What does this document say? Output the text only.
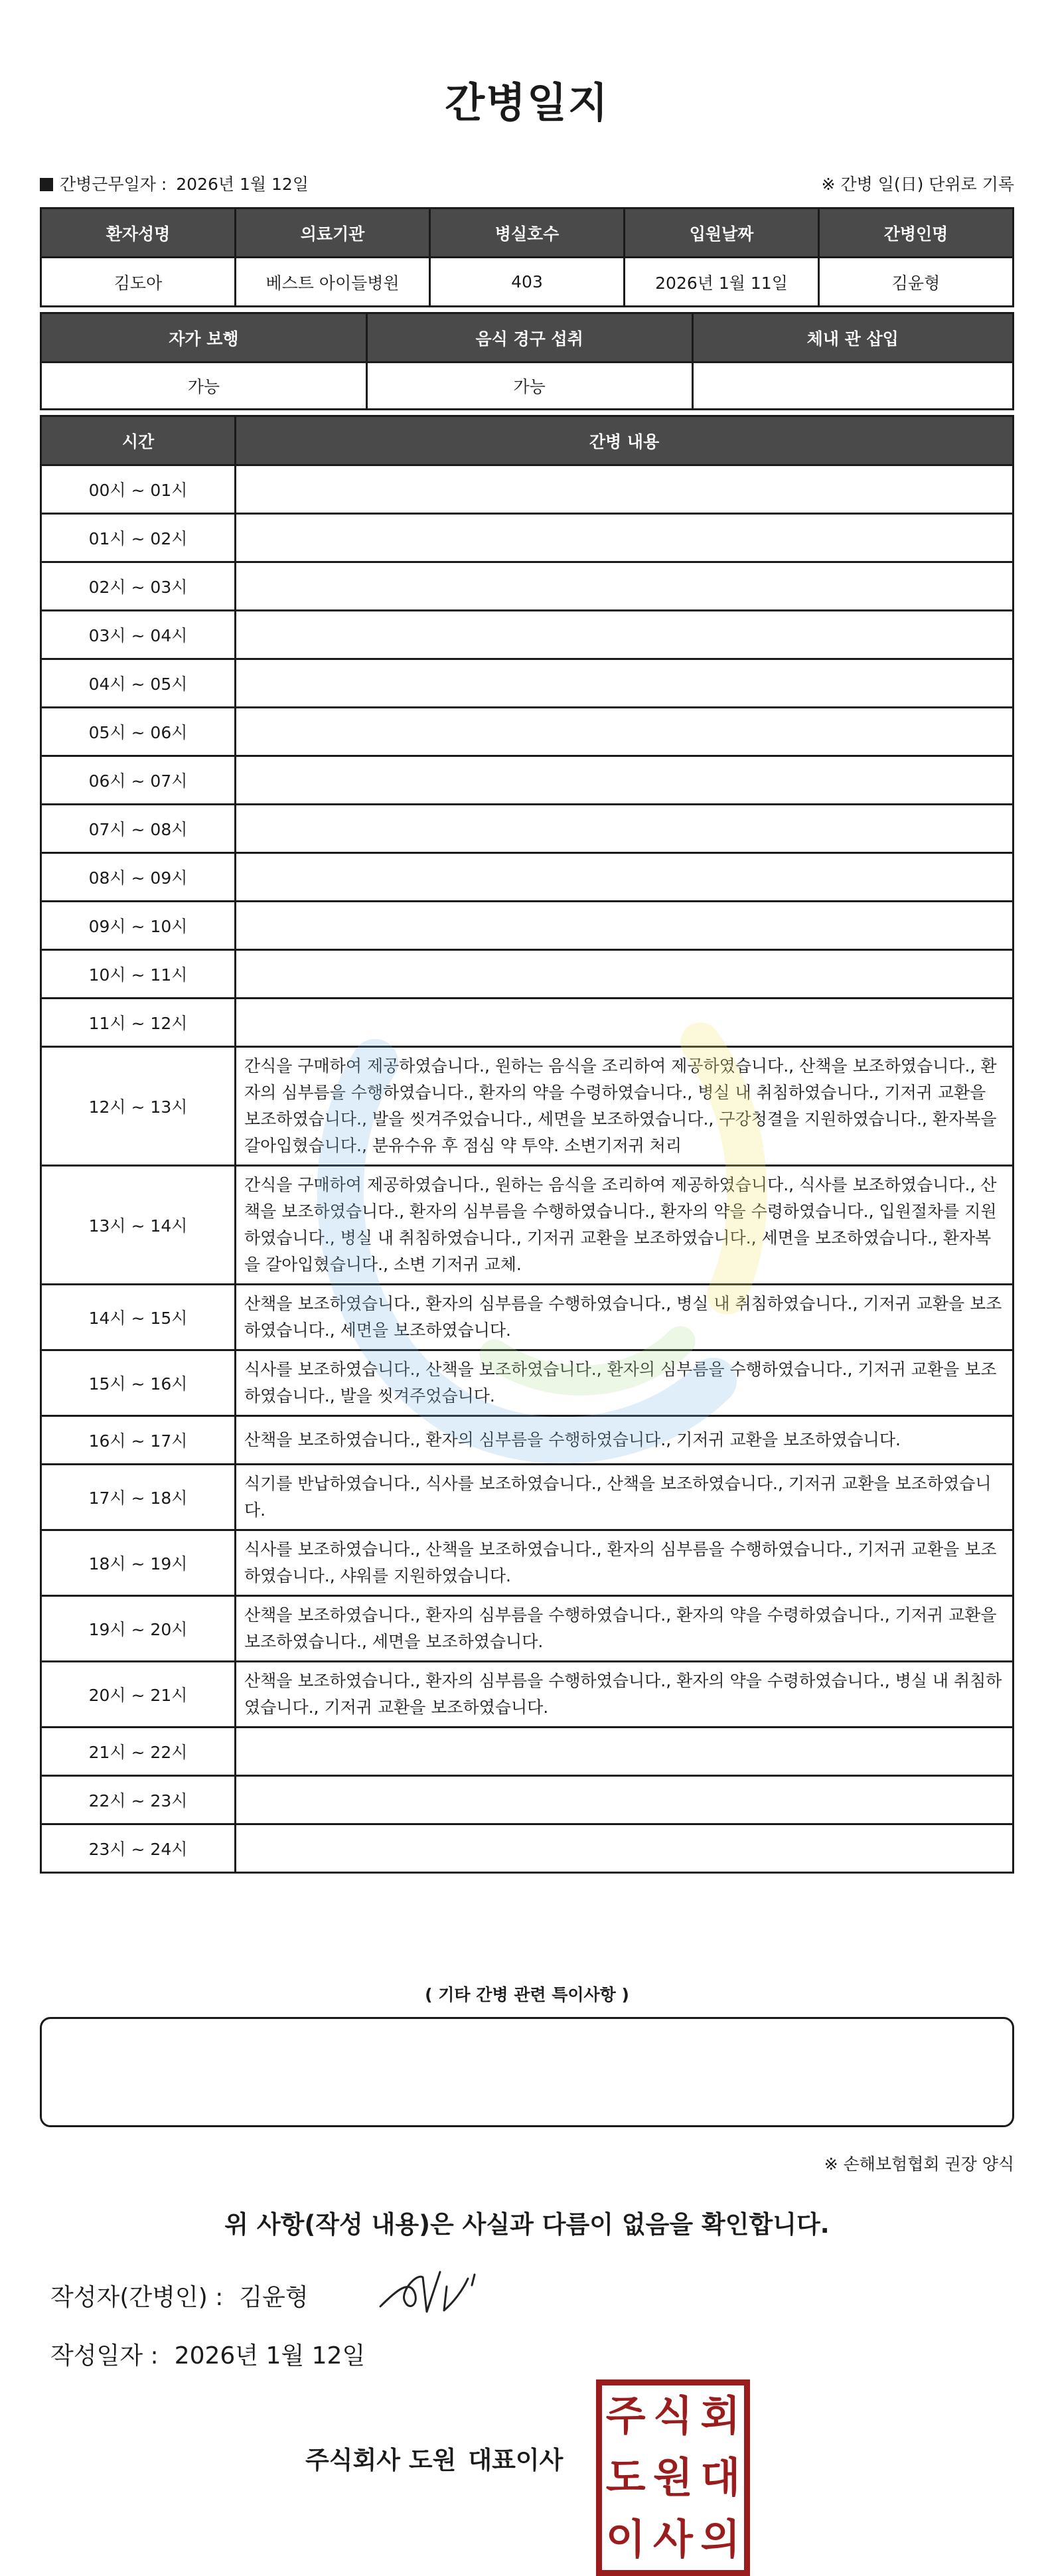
간병일지
간병근무일자 : 2026년 1월 12일	※ 간병 일(日) 단위로 기록
환자성명	의료기관	병실호수	입원날짜	간병인명
김도아	베스트 아이들병원	403	2026년 1월 11일	김윤형
자가 보행	음식 경구 섭취	체내 관 삽입
가능	가능	
시간	간병 내용
00시 ~ 01시	
01시 ~ 02시	
02시 ~ 03시	
03시 ~ 04시	
04시 ~ 05시	
05시 ~ 06시	
06시 ~ 07시	
07시 ~ 08시	
08시 ~ 09시	
09시 ~ 10시	
10시 ~ 11시	
11시 ~ 12시	
12시 ~ 13시	간식을 구매하여 제공하였습니다., 원하는 음식을 조리하여 제공하였습니다., 산책을 보조하였습니다., 환자의 심부름을 수행하였습니다., 환자의 약을 수령하였습니다., 병실 내 취침하였습니다., 기저귀 교환을 보조하였습니다., 발을 씻겨주었습니다., 세면을 보조하였습니다., 구강청결을 지원하였습니다., 환자복을 갈아입혔습니다., 분유수유 후 점심 약 투약. 소변기저귀 처리
13시 ~ 14시	간식을 구매하여 제공하였습니다., 원하는 음식을 조리하여 제공하였습니다., 식사를 보조하였습니다., 산책을 보조하였습니다., 환자의 심부름을 수행하였습니다., 환자의 약을 수령하였습니다., 입원절차를 지원하였습니다., 병실 내 취침하였습니다., 기저귀 교환을 보조하였습니다., 세면을 보조하였습니다., 환자복을 갈아입혔습니다., 소변 기저귀 교체.
14시 ~ 15시	산책을 보조하였습니다., 환자의 심부름을 수행하였습니다., 병실 내 취침하였습니다., 기저귀 교환을 보조하였습니다., 세면을 보조하였습니다.
15시 ~ 16시	식사를 보조하였습니다., 산책을 보조하였습니다., 환자의 심부름을 수행하였습니다., 기저귀 교환을 보조하였습니다., 발을 씻겨주었습니다.
16시 ~ 17시	산책을 보조하였습니다., 환자의 심부름을 수행하였습니다., 기저귀 교환을 보조하였습니다.
17시 ~ 18시	식기를 반납하였습니다., 식사를 보조하였습니다., 산책을 보조하였습니다., 기저귀 교환을 보조하였습니다.
18시 ~ 19시	식사를 보조하였습니다., 산책을 보조하였습니다., 환자의 심부름을 수행하였습니다., 기저귀 교환을 보조하였습니다., 샤워를 지원하였습니다.
19시 ~ 20시	산책을 보조하였습니다., 환자의 심부름을 수행하였습니다., 환자의 약을 수령하였습니다., 기저귀 교환을 보조하였습니다., 세면을 보조하였습니다.
20시 ~ 21시	산책을 보조하였습니다., 환자의 심부름을 수행하였습니다., 환자의 약을 수령하였습니다., 병실 내 취침하였습니다., 기저귀 교환을 보조하였습니다.
21시 ~ 22시	
22시 ~ 23시	
23시 ~ 24시	
( 기타 간병 관련 특이사항 )
※ 손해보험협회 권장 양식
위 사항(작성 내용)은 사실과 다름이 없음을 확인합니다.
작성자(간병인) : 김윤형
작성일자 : 2026년 1월 12일
주식회사 도원 대표이사
주 식 회
도 원 대
이 사 의
